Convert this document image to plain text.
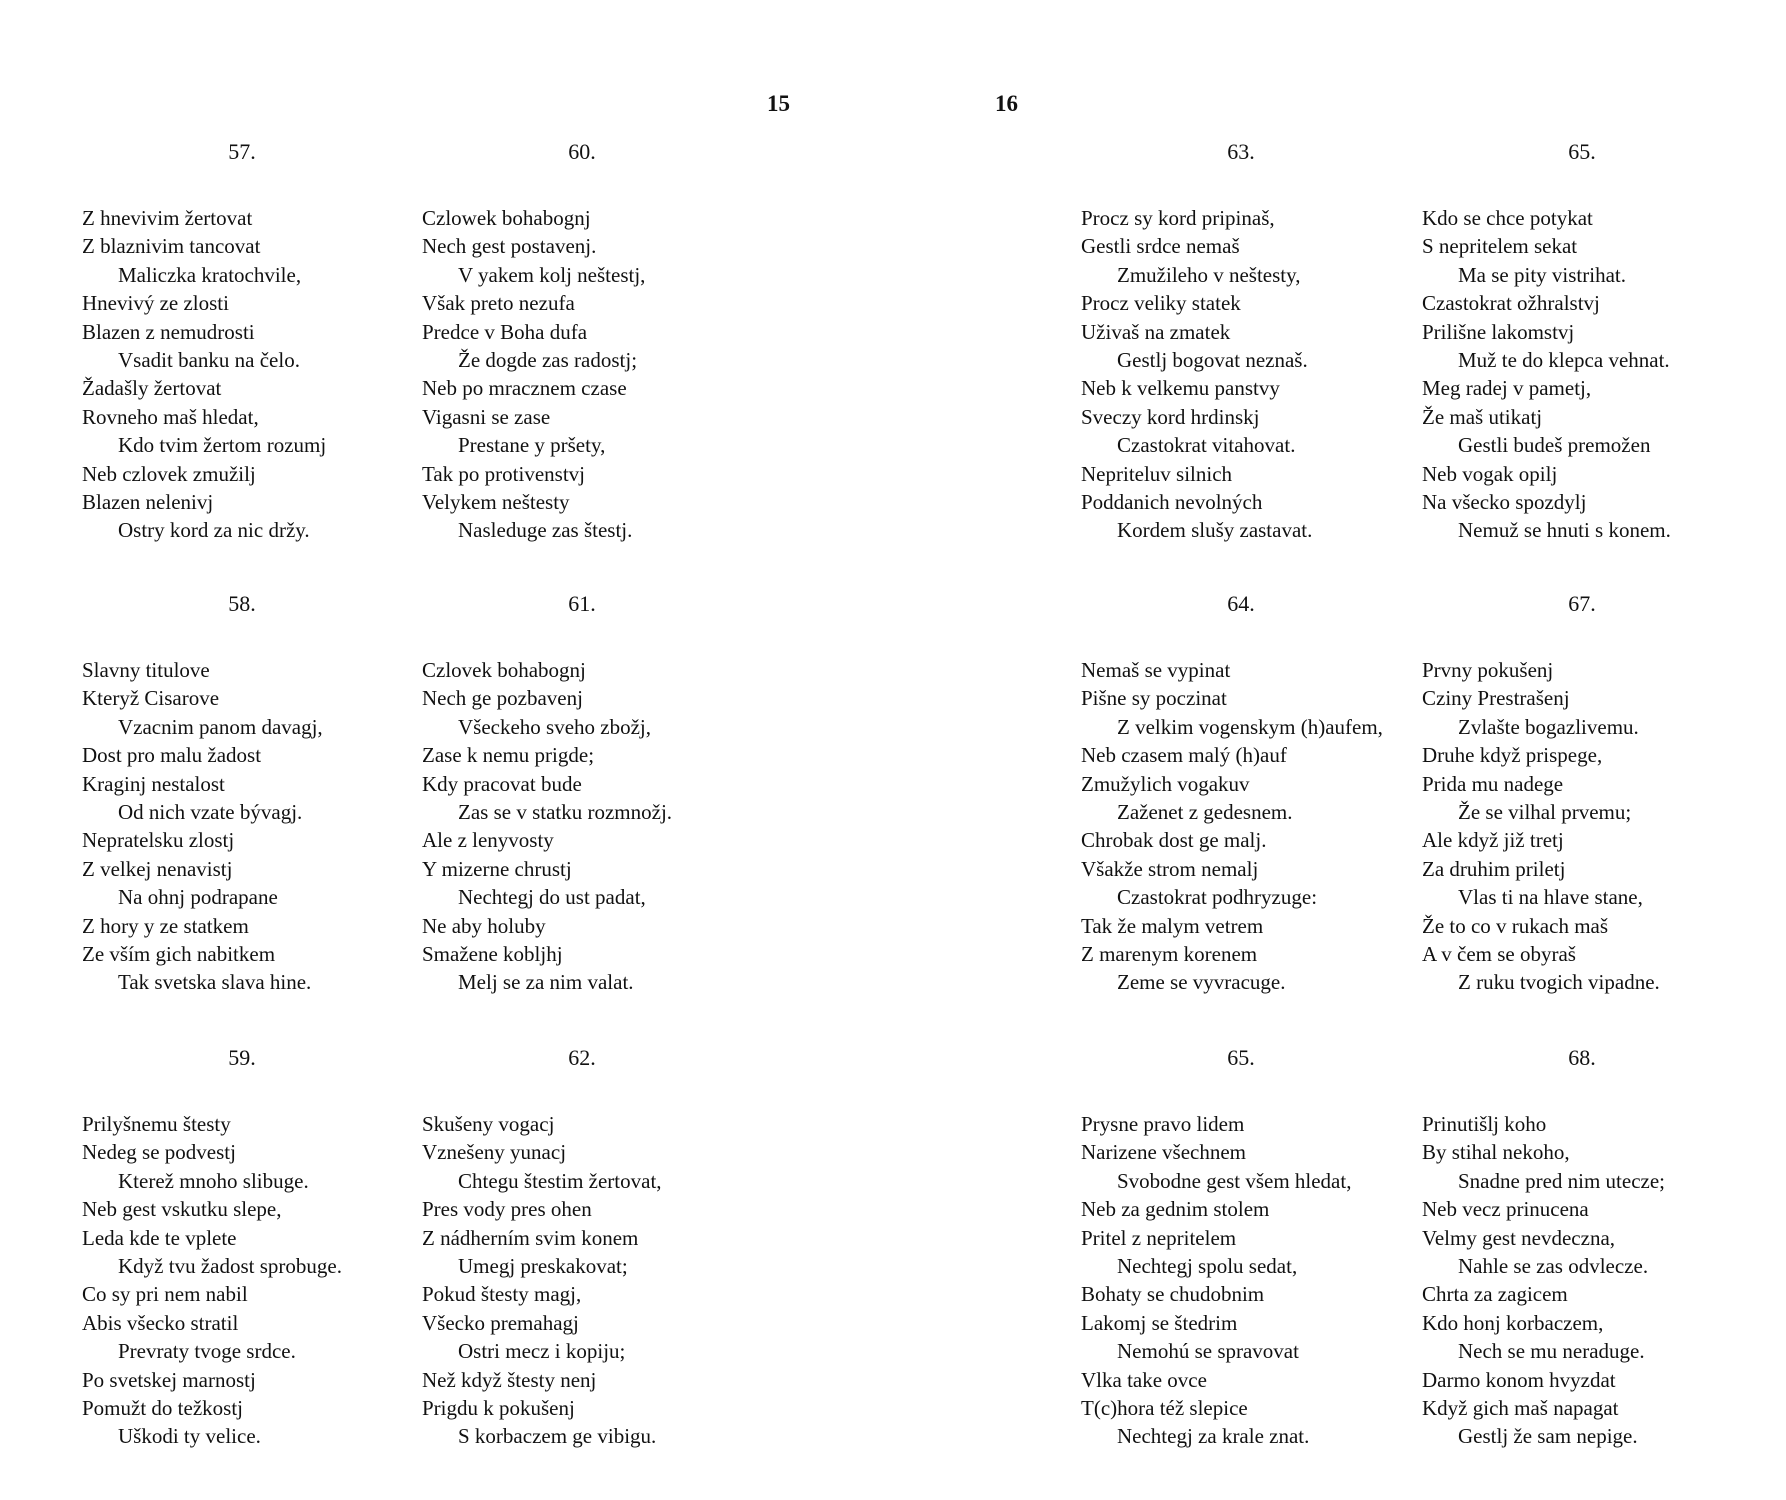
15	16
57.
Z hnevivim žertovat
Z blaznivim tancovat
Maliczka kratochvile,
Hnevivý ze zlosti
Blazen z nemudrosti
Vsadit banku na čelo.
Žadašly žertovat
Rovneho maš hledat,
Kdo tvim žertom rozumj
Neb czlovek zmužilj
Blazen nelenivj
Ostry kord za nic držy.
60.
Czlowek bohabognj
Nech gest postavenj.
V yakem kolj neštestj,
Však preto nezufa
Predce v Boha dufa
Že dogde zas radostj;
Neb po mracznem czase
Vigasni se zase
Prestane y pršety,
Tak po protivenstvj
Velykem neštesty
Nasleduge zas štestj.
63.
Procz sy kord pripinaš,
Gestli srdce nemaš
Zmužileho v neštesty,
Procz veliky statek
Uživaš na zmatek
Gestlj bogovat neznaš.
Neb k velkemu panstvy
Sveczy kord hrdinskj
Czastokrat vitahovat.
Nepriteluv silnich
Poddanich nevolných
Kordem slušy zastavat.
65.
Kdo se chce potykat
S nepritelem sekat
Ma se pity vistrihat.
Czastokrat ožhralstvj
Prilišne lakomstvj
Muž te do klepca vehnat.
Meg radej v pametj,
Že maš utikatj
Gestli budeš premožen
Neb vogak opilj
Na všecko spozdylj
Nemuž se hnuti s konem.
58.
Slavny titulove
Kteryž Cisarove
Vzacnim panom davagj,
Dost pro malu žadost
Kraginj nestalost
Od nich vzate bývagj.
Nepratelsku zlostj
Z velkej nenavistj
Na ohnj podrapane
Z hory y ze statkem
Ze vším gich nabitkem
Tak svetska slava hine.
61.
Czlovek bohabognj
Nech ge pozbavenj
Všeckeho sveho zbožj,
Zase k nemu prigde;
Kdy pracovat bude
Zas se v statku rozmnožj.
Ale z lenyvosty
Y mizerne chrustj
Nechtegj do ust padat,
Ne aby holuby
Smažene kobljhj
Melj se za nim valat.
64.
Nemaš se vypinat
Pišne sy poczinat
Z velkim vogenskym (h)aufem,
Neb czasem malý (h)auf
Zmužylich vogakuv
Zaženet z gedesnem.
Chrobak dost ge malj.
Všakže strom nemalj
Czastokrat podhryzuge:
Tak že malym vetrem
Z marenym korenem
Zeme se vyvracuge.
67.
Prvny pokušenj
Cziny Prestrašenj
Zvlašte bogazlivemu.
Druhe když prispege,
Prida mu nadege
Že se vilhal prvemu;
Ale když již tretj
Za druhim priletj
Vlas ti na hlave stane,
Že to co v rukach maš
A v čem se obyraš
Z ruku tvogich vipadne.
59.
Prilyšnemu štesty
Nedeg se podvestj
Kterež mnoho slibuge.
Neb gest vskutku slepe,
Leda kde te vplete
Když tvu žadost sprobuge.
Co sy pri nem nabil
Abis všecko stratil
Prevraty tvoge srdce.
Po svetskej marnostj
Pomužt do težkostj
Uškodi ty velice.
62.
Skušeny vogacj
Vznešeny yunacj
Chtegu štestim žertovat,
Pres vody pres ohen
Z nádherním svim konem
Umegj preskakovat;
Pokud štesty magj,
Všecko premahagj
Ostri mecz i kopiju;
Než když štesty nenj
Prigdu k pokušenj
S korbaczem ge vibigu.
65.
Prysne pravo lidem
Narizene všechnem
Svobodne gest všem hledat,
Neb za gednim stolem
Pritel z nepritelem
Nechtegj spolu sedat,
Bohaty se chudobnim
Lakomj se štedrim
Nemohú se spravovat
Vlka take ovce
T(c)hora též slepice
Nechtegj za krale znat.
68.
Prinutišlj koho
By stihal nekoho,
Snadne pred nim utecze;
Neb vecz prinucena
Velmy gest nevdeczna,
Nahle se zas odvlecze.
Chrta za zagicem
Kdo honj korbaczem,
Nech se mu neraduge.
Darmo konom hvyzdat
Když gich maš napagat
Gestlj že sam nepige.
